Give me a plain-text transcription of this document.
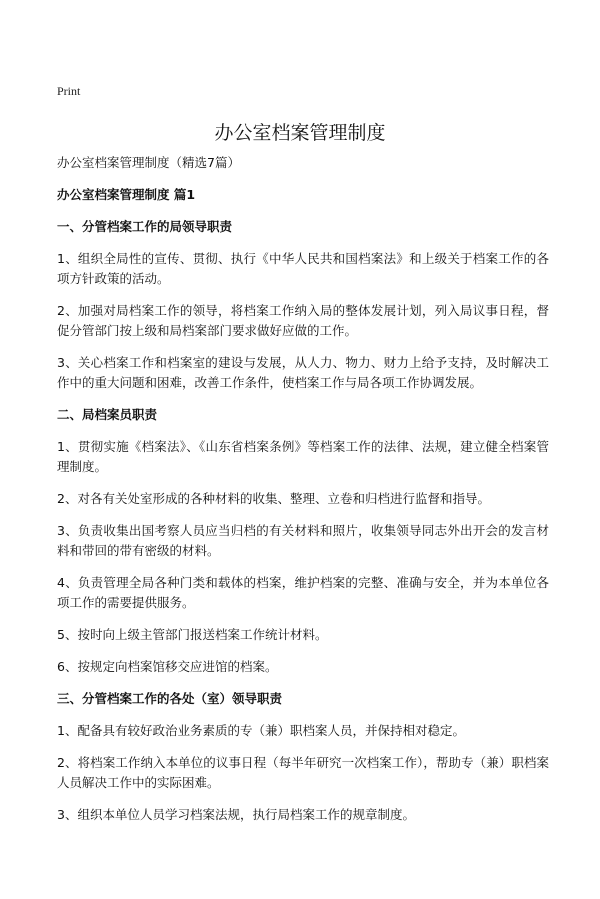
Print
办公室档案管理制度

办公室档案管理制度（精选7篇）

办公室档案管理制度 篇1

一、分管档案工作的局领导职责

1、组织全局性的宣传、贯彻、执行《中华人民共和国档案法》和上级关于档案工作的各项方针政策的活动。

2、加强对局档案工作的领导，将档案工作纳入局的整体发展计划，列入局议事日程，督促分管部门按上级和局档案部门要求做好应做的工作。

3、关心档案工作和档案室的建设与发展，从人力、物力、财力上给予支持，及时解决工作中的重大问题和困难，改善工作条件，使档案工作与局各项工作协调发展。

二、局档案员职责

1、贯彻实施《档案法》、《山东省档案条例》等档案工作的法律、法规，建立健全档案管理制度。

2、对各有关处室形成的各种材料的收集、整理、立卷和归档进行监督和指导。

3、负责收集出国考察人员应当归档的有关材料和照片，收集领导同志外出开会的发言材料和带回的带有密级的材料。

4、负责管理全局各种门类和载体的档案，维护档案的完整、准确与安全，并为本单位各项工作的需要提供服务。

5、按时向上级主管部门报送档案工作统计材料。

6、按规定向档案馆移交应进馆的档案。

三、分管档案工作的各处（室）领导职责

1、配备具有较好政治业务素质的专（兼）职档案人员，并保持相对稳定。

2、将档案工作纳入本单位的议事日程（每半年研究一次档案工作），帮助专（兼）职档案人员解决工作中的实际困难。

3、组织本单位人员学习档案法规，执行局档案工作的规章制度。
